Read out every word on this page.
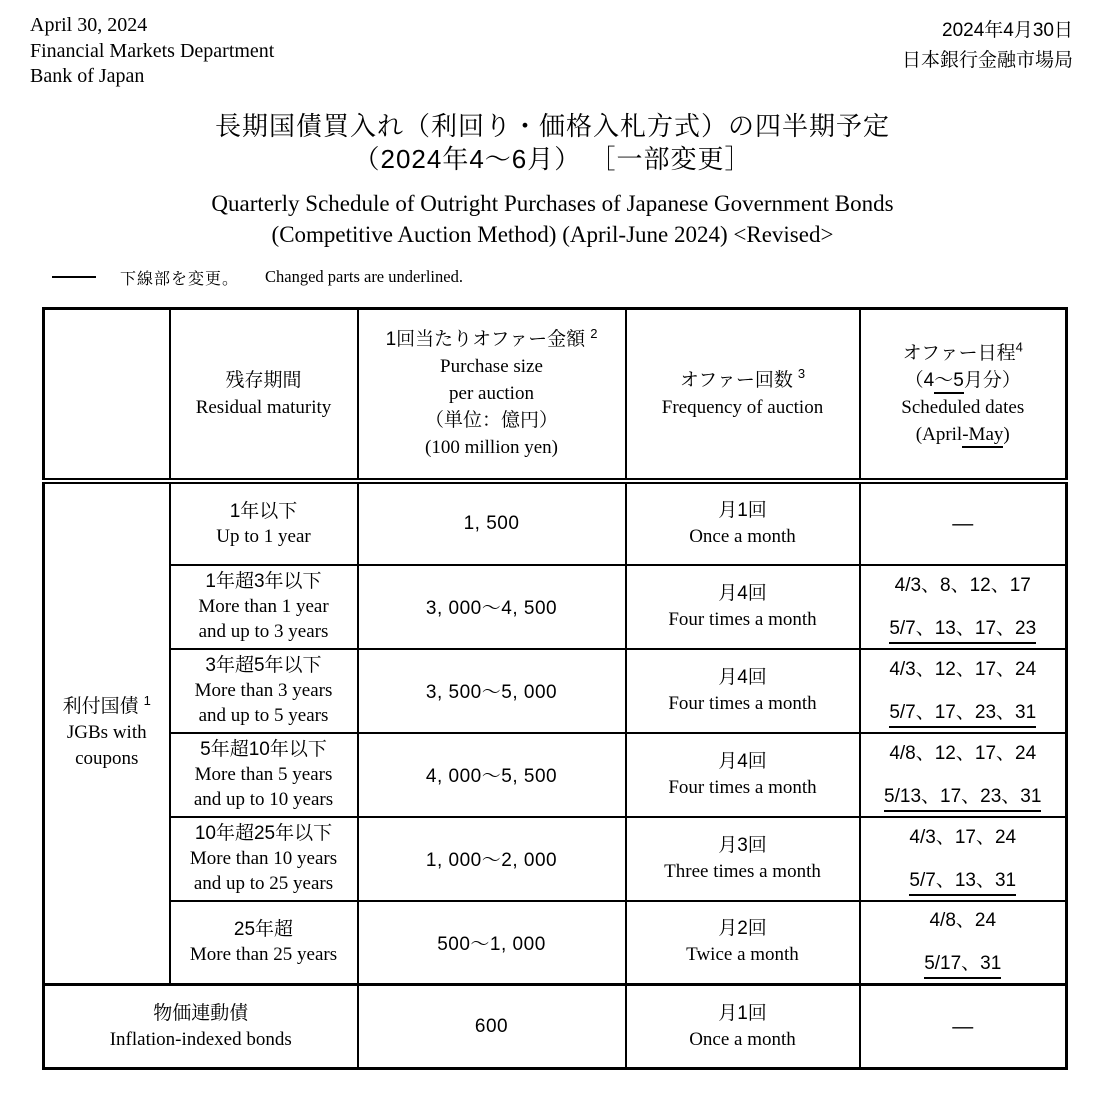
April 30, 2024
Financial Markets Department
Bank of Japan
2024年4月30日
日本銀行金融市場局
長期国債買入れ（利回り・価格入札方式）の四半期予定
（2024年4～6月） ［一部変更］
Quarterly Schedule of Outright Purchases of Japanese Government Bonds
(Competitive Auction Method) (April-June 2024) <Revised>
下線部を変更。 Changed parts are underlined.

	残存期間
Residual maturity	1回当たりオファー金額 $^2$
Purchase size
per auction
（単位：億円）
(100 million yen)	オファー回数 $^3$
Frequency of auction	オファー日程$^4$
（4～5月分）
Scheduled dates
(April-May)

利付国債 $^1$
JGBs with
coupons	1年以下
Up to 1 year	1, 500	月1回
Once a month	—

	1年超3年以下
More than 1 year
and up to 3 years	3, 000～4, 500	月4回
Four times a month	4/3、8、12、17
5/7、13、17、23

	3年超5年以下
More than 3 years
and up to 5 years	3, 500～5, 000	月4回
Four times a month	4/3、12、17、24
5/7、17、23、31

	5年超10年以下
More than 5 years
and up to 10 years	4, 000～5, 500	月4回
Four times a month	4/8、12、17、24
5/13、17、23、31

	10年超25年以下
More than 10 years
and up to 25 years	1, 000～2, 000	月3回
Three times a month	4/3、17、24
5/7、13、31

	25年超
More than 25 years	500～1, 000	月2回
Twice a month	4/8、24
5/17、31

物価連動債
Inflation-indexed bonds		600	月1回
Once a month	—
